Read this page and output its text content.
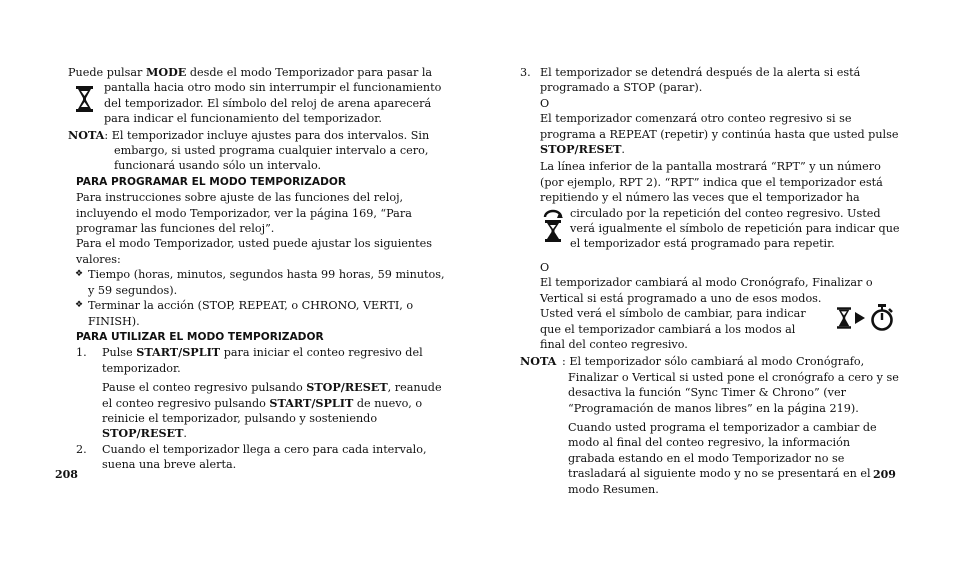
Puede pulsar MODE desde el modo Temporizador para pasar la

pantalla hacia otro modo sin interrumpir el funcionamiento del temporizador. El símbolo del reloj de arena aparecerá para indicar el funcionamiento del temporizador.

NOTA: El temporizador incluye ajustes para dos intervalos. Sin embargo, si usted programa cualquier intervalo a cero, funcionará usando sólo un intervalo.

PARA PROGRAMAR EL MODO TEMPORIZADOR

Para instrucciones sobre ajuste de las funciones del reloj, incluyendo el modo Temporizador, ver la página 169, “Para programar las funciones del reloj”.

Para el modo Temporizador, usted puede ajustar los siguientes valores:

❖ Tiempo (horas, minutos, segundos hasta 99 horas, 59 minutos, y 59 segundos).

❖ Terminar la acción (STOP, REPEAT, o CHRONO, VERTI, o FINISH).

PARA UTILIZAR EL MODO TEMPORIZADOR

1. Pulse START/SPLIT para iniciar el conteo regresivo del temporizador.

Pause el conteo regresivo pulsando STOP/RESET, reanude el conteo regresivo pulsando START/SPLIT de nuevo, o reinicie el temporizador, pulsando y sosteniendo STOP/RESET.

2. Cuando el temporizador llega a cero para cada intervalo, suena una breve alerta.

208
3. El temporizador se detendrá después de la alerta si está programado a STOP (parar).

O

El temporizador comenzará otro conteo regresivo si se programa a REPEAT (repetir) y continúa hasta que usted pulse STOP/RESET.

La línea inferior de la pantalla mostrará “RPT” y un número (por ejemplo, RPT 2). “RPT” indica que el temporizador está repitiendo y el número las veces que el temporizador ha

circulado por la repetición del conteo regresivo. Usted verá igualmente el símbolo de repetición para indicar que el temporizador está programado para repetir.

O

El temporizador cambiará al modo Cronógrafo, Finalizar o Vertical si está programado a uno de esos modos.

Usted verá el símbolo de cambiar, para indicar que el temporizador cambiará a los modos al final del conteo regresivo.

NOTA : El temporizador sólo cambiará al modo Cronógrafo, Finalizar o Vertical si usted pone el cronógrafo a cero y se desactiva la función “Sync Timer & Chrono” (ver “Programación de manos libres” en la página 219).

Cuando usted programa el temporizador a cambiar de modo al final del conteo regresivo, la información grabada estando en el modo Temporizador no se trasladará al siguiente modo y no se presentará en el modo Resumen.

209
